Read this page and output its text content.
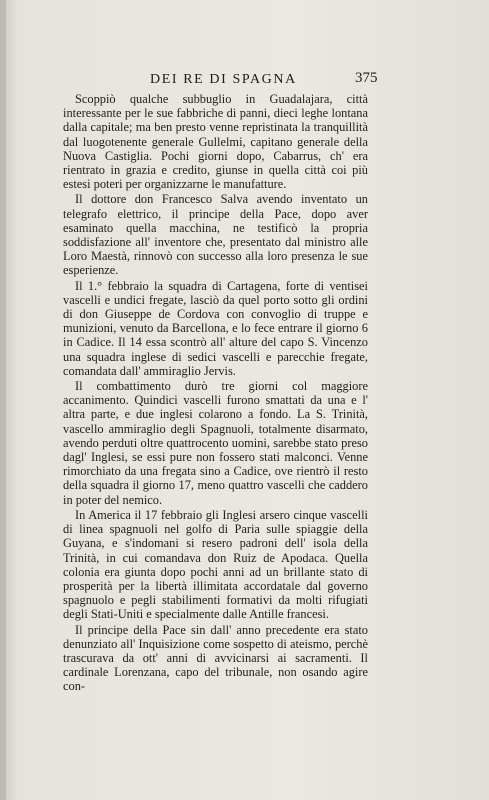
DEI RE DI SPAGNA	375

Scoppiò qualche subbuglio in Guadalajara, città interessante per le sue fabbriche di panni, dieci leghe lontana dalla capitale; ma ben presto venne repristinata la tranquillità dal luogotenente generale Gullelmi, capitano generale della Nuova Castiglia. Pochi giorni dopo, Cabarrus, ch' era rientrato in grazia e credito, giunse in quella città coi più estesi poteri per organizzarne le manufatture.

Il dottore don Francesco Salva avendo inventato un telegrafo elettrico, il principe della Pace, dopo aver esaminato quella macchina, ne testificò la propria soddisfazione all' inventore che, presentato dal ministro alle Loro Maestà, rinnovò con successo alla loro presenza le sue esperienze.

Il 1.° febbraio la squadra di Cartagena, forte di ventisei vascelli e undici fregate, lasciò da quel porto sotto gli ordini di don Giuseppe de Cordova con convoglio di truppe e munizioni, venuto da Barcellona, e lo fece entrare il giorno 6 in Cadice. Il 14 essa scontrò all' alture del capo S. Vincenzo una squadra inglese di sedici vascelli e parecchie fregate, comandata dall' ammiraglio Jervis.

Il combattimento durò tre giorni col maggiore accanimento. Quindici vascelli furono smattati da una e l' altra parte, e due inglesi colarono a fondo. La S. Trinità, vascello ammiraglio degli Spagnuoli, totalmente disarmato, avendo perduti oltre quattrocento uomini, sarebbe stato preso dagl' Inglesi, se essi pure non fossero stati malconci. Venne rimorchiato da una fregata sino a Cadice, ove rientrò il resto della squadra il giorno 17, meno quattro vascelli che caddero in poter del nemico.

In America il 17 febbraio gli Inglesi arsero cinque vascelli di linea spagnuoli nel golfo di Paria sulle spiaggie della Guyana, e s'indomani si resero padroni dell' isola della Trinità, in cui comandava don Ruiz de Apodaca. Quella colonia era giunta dopo pochi anni ad un brillante stato di prosperità per la libertà illimitata accordatale dal governo spagnuolo e pegli stabilimenti formativi da molti rifugiati degli Stati-Uniti e specialmente dalle Antille francesi.

Il principe della Pace sin dall' anno precedente era stato denunziato all' Inquisizione come sospetto di ateismo, perchè trascurava da ott' anni di avvicinarsi ai sacramenti. Il cardinale Lorenzana, capo del tribunale, non osando agire con-
